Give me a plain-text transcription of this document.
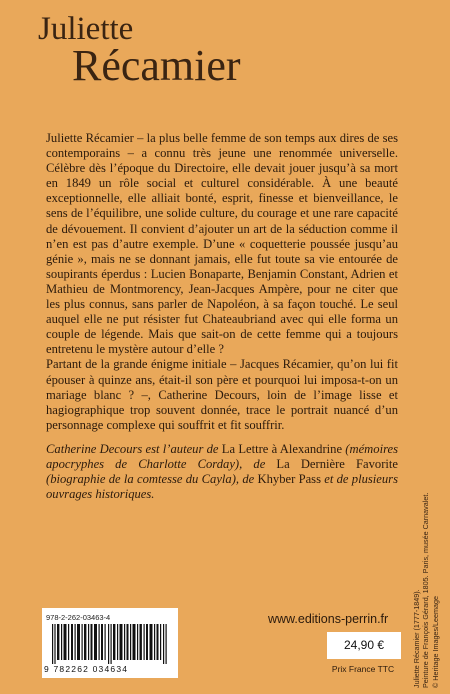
Juliette
Récamier

Juliette Récamier – la plus belle femme de son temps aux dires de ses contemporains – a connu très jeune une renommée universelle. Célèbre dès l’époque du Directoire, elle devait jouer jusqu’à sa mort en 1849 un rôle social et culturel considérable. À une beauté exceptionnelle, elle alliait bonté, esprit, finesse et bienveillance, le sens de l’équilibre, une solide culture, du courage et une rare capacité de dévouement. Il convient d’ajouter un art de la séduction comme il n’en est pas d’autre exemple. D’une « coquetterie poussée jusqu’au génie », mais ne se donnant jamais, elle fut toute sa vie entourée de soupirants éperdus : Lucien Bonaparte, Benjamin Constant, Adrien et Mathieu de Montmorency, Jean-Jacques Ampère, pour ne citer que les plus connus, sans parler de Napoléon, à sa façon touché. Le seul auquel elle ne put résister fut Chateaubriand avec qui elle forma un couple de légende. Mais que sait-on de cette femme qui a toujours entretenu le mystère autour d’elle ?

Partant de la grande énigme initiale – Jacques Récamier, qu’on lui fit épouser à quinze ans, était-il son père et pourquoi lui imposa-t-on un mariage blanc ? –, Catherine Decours, loin de l’image lisse et hagiographique trop souvent donnée, trace le portrait nuancé d’un personnage complexe qui souffrit et fit souffrir.

Catherine Decours est l’auteur de La Lettre à Alexandrine (mémoires apocryphes de Charlotte Corday), de La Dernière Favorite (biographie de la comtesse du Cayla), de Khyber Pass et de plusieurs ouvrages historiques.
Juliette Récamier (1777-1849). Peinture de François Gérard, 1805. Paris, musée Carnavalet. © Heritage Images/Leemage
978-2-262-03463-4
9 782262 034634
www.editions-perrin.fr
24,90 €
Prix France TTC
